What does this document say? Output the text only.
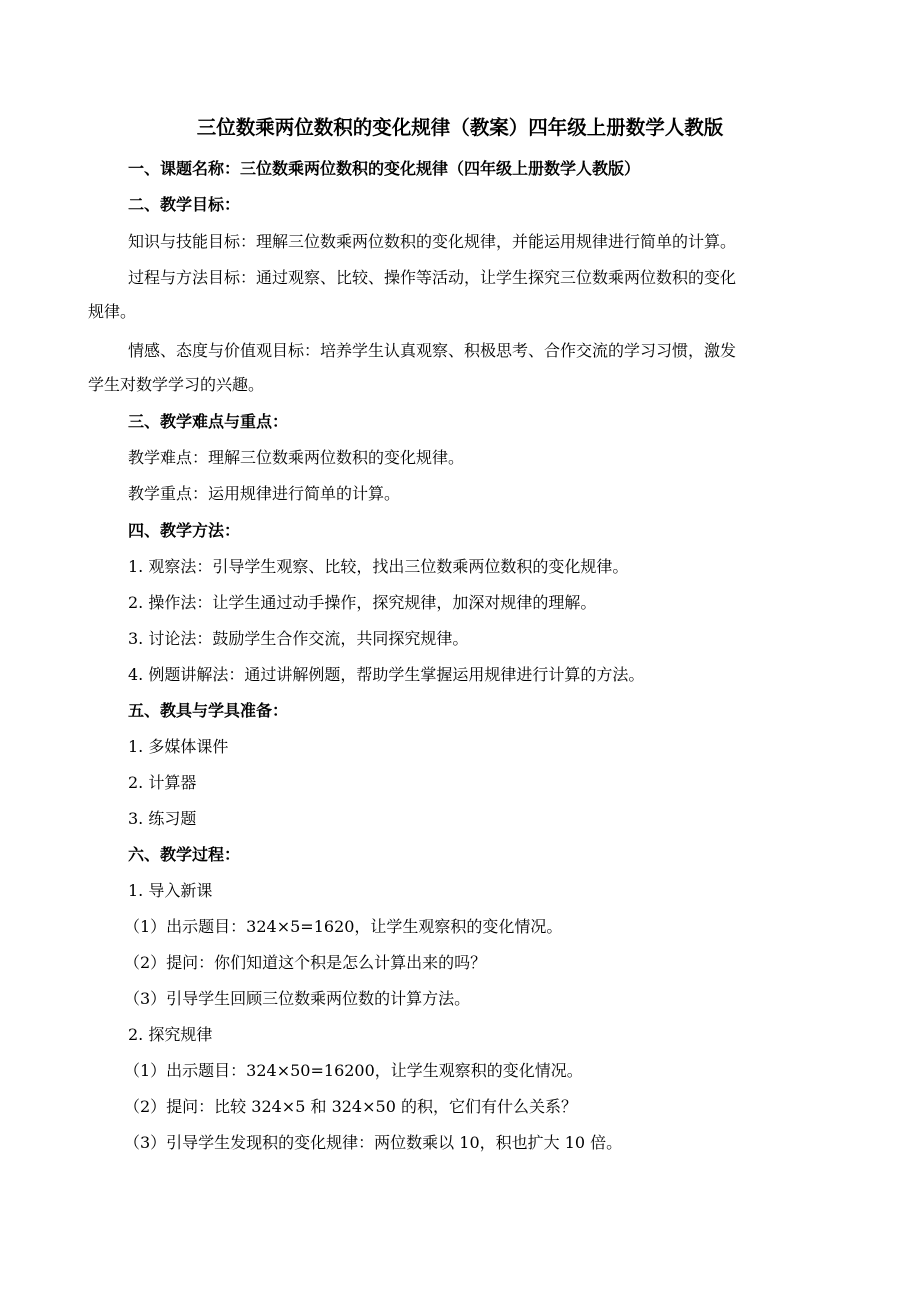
三位数乘两位数积的变化规律（教案）四年级上册数学人教版
一、课题名称：三位数乘两位数积的变化规律（四年级上册数学人教版）
二、教学目标：
知识与技能目标：理解三位数乘两位数积的变化规律，并能运用规律进行简单的计算。
过程与方法目标：通过观察、比较、操作等活动，让学生探究三位数乘两位数积的变化
规律。
情感、态度与价值观目标：培养学生认真观察、积极思考、合作交流的学习习惯，激发
学生对数学学习的兴趣。
三、教学难点与重点：
教学难点：理解三位数乘两位数积的变化规律。
教学重点：运用规律进行简单的计算。
四、教学方法：
1. 观察法：引导学生观察、比较，找出三位数乘两位数积的变化规律。
2. 操作法：让学生通过动手操作，探究规律，加深对规律的理解。
3. 讨论法：鼓励学生合作交流，共同探究规律。
4. 例题讲解法：通过讲解例题，帮助学生掌握运用规律进行计算的方法。
五、教具与学具准备：
1. 多媒体课件
2. 计算器
3. 练习题
六、教学过程：
1. 导入新课
（1）出示题目：324×5=1620，让学生观察积的变化情况。
（2）提问：你们知道这个积是怎么计算出来的吗？
（3）引导学生回顾三位数乘两位数的计算方法。
2. 探究规律
（1）出示题目：324×50=16200，让学生观察积的变化情况。
（2）提问：比较 324×5 和 324×50 的积，它们有什么关系？
（3）引导学生发现积的变化规律：两位数乘以 10，积也扩大 10 倍。
